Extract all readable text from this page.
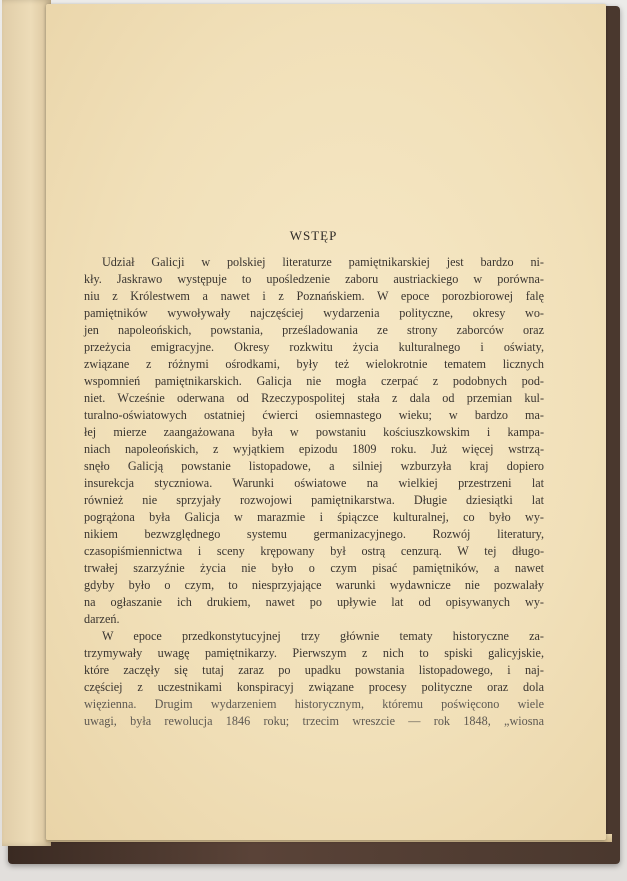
WSTĘP
Udział Galicji w polskiej literaturze pamiętnikarskiej jest bardzo ni-
kły. Jaskrawo występuje to upośledzenie zaboru austriackiego w porówna-
niu z Królestwem a nawet i z Poznańskiem. W epoce porozbiorowej falę
pamiętników wywoływały najczęściej wydarzenia polityczne, okresy wo-
jen napoleońskich, powstania, prześladowania ze strony zaborców oraz
przeżycia emigracyjne. Okresy rozkwitu życia kulturalnego i oświaty,
związane z różnymi ośrodkami, były też wielokrotnie tematem licznych
wspomnień pamiętnikarskich. Galicja nie mogła czerpać z podobnych pod-
niet. Wcześnie oderwana od Rzeczypospolitej stała z dala od przemian kul-
turalno-oświatowych ostatniej ćwierci osiemnastego wieku; w bardzo ma-
łej mierze zaangażowana była w powstaniu kościuszkowskim i kampa-
niach napoleońskich, z wyjątkiem epizodu 1809 roku. Już więcej wstrzą-
snęło Galicją powstanie listopadowe, a silniej wzburzyła kraj dopiero
insurekcja styczniowa. Warunki oświatowe na wielkiej przestrzeni lat
również nie sprzyjały rozwojowi pamiętnikarstwa. Długie dziesiątki lat
pogrążona była Galicja w marazmie i śpiączce kulturalnej, co było wy-
nikiem bezwzględnego systemu germanizacyjnego. Rozwój literatury,
czasopiśmiennictwa i sceny krępowany był ostrą cenzurą. W tej długo-
trwałej szarzyźnie życia nie było o czym pisać pamiętników, a nawet
gdyby było o czym, to niesprzyjające warunki wydawnicze nie pozwalały
na ogłaszanie ich drukiem, nawet po upływie lat od opisywanych wy-
darzeń.
W epoce przedkonstytucyjnej trzy głównie tematy historyczne za-
trzymywały uwagę pamiętnikarzy. Pierwszym z nich to spiski galicyjskie,
które zaczęły się tutaj zaraz po upadku powstania listopadowego, i naj-
częściej z uczestnikami konspiracyj związane procesy polityczne oraz dola
więzienna. Drugim wydarzeniem historycznym, któremu poświęcono wiele
uwagi, była rewolucja 1846 roku; trzecim wreszcie — rok 1848, „wiosna
